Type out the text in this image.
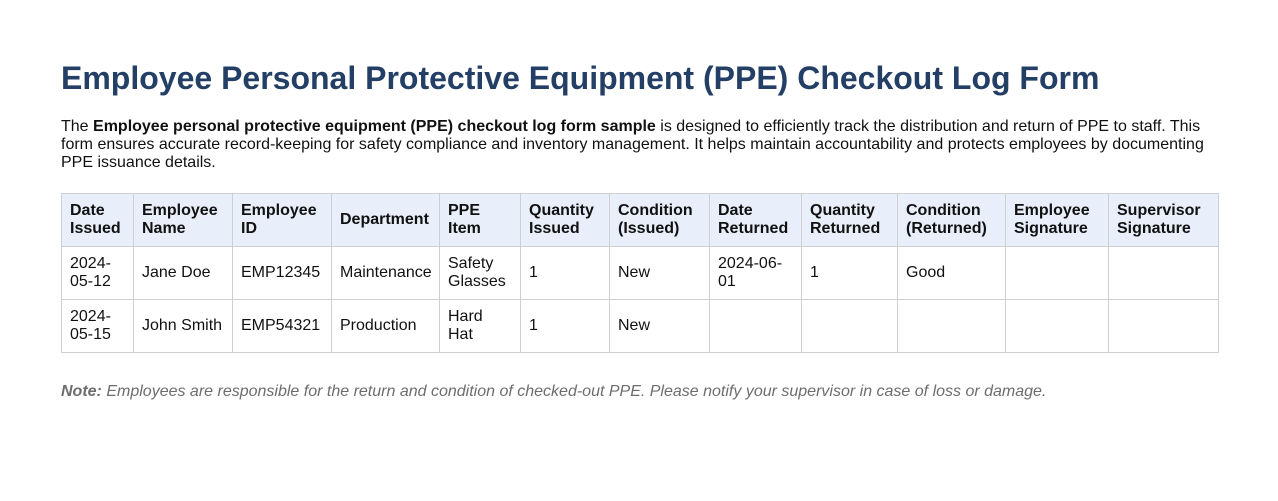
Employee Personal Protective Equipment (PPE) Checkout Log Form

The Employee personal protective equipment (PPE) checkout log form sample is designed to efficiently track the distribution and return of PPE to staff. This form ensures accurate record-keeping for safety compliance and inventory management. It helps maintain accountability and protects employees by documenting PPE issuance details.

Date Issued	Employee Name	Employee ID	Department	PPE Item	Quantity Issued	Condition (Issued)	Date Returned	Quantity Returned	Condition (Returned)	Employee Signature	Supervisor Signature
2024-05-12	Jane Doe	EMP12345	Maintenance	Safety Glasses	1	New	2024-06-01	1	Good		
2024-05-15	John Smith	EMP54321	Production	Hard Hat	1	New					

Note: Employees are responsible for the return and condition of checked-out PPE. Please notify your supervisor in case of loss or damage.
